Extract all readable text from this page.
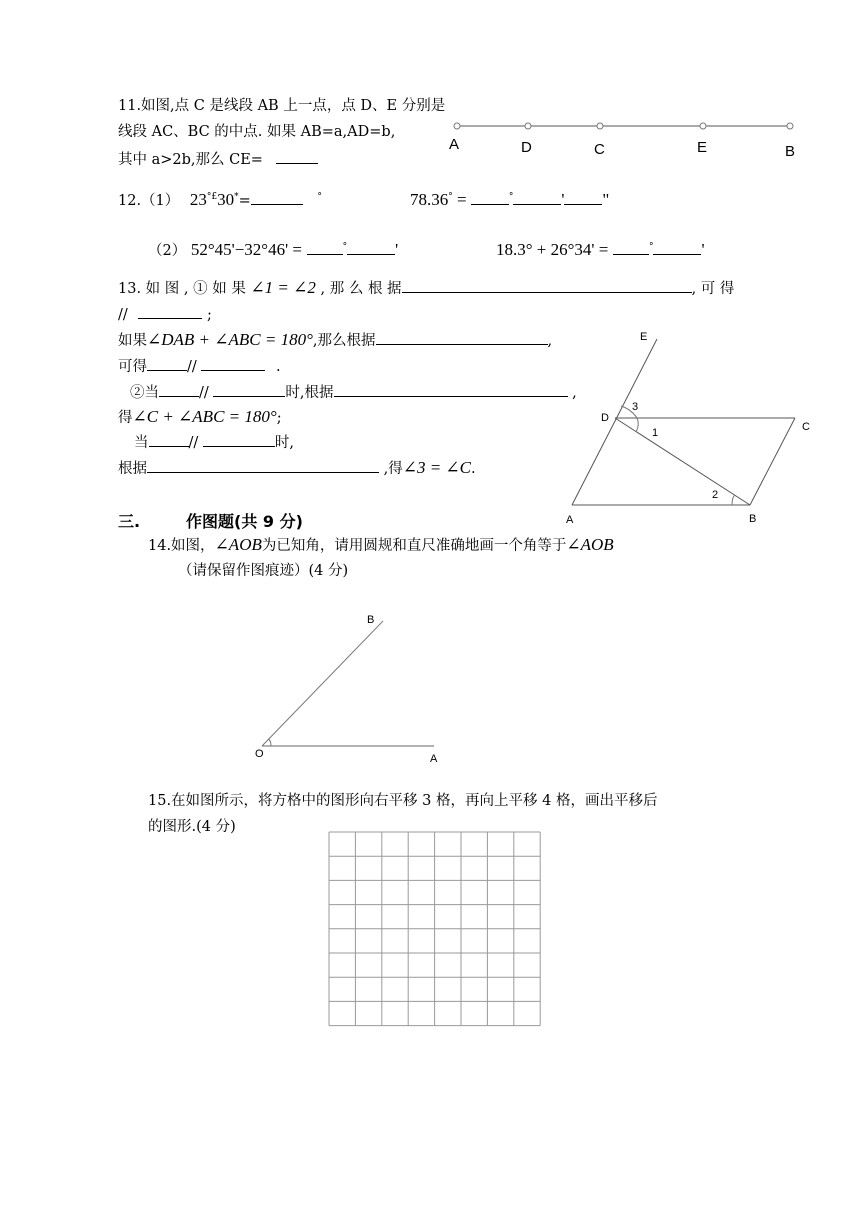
11.如图,点 C 是线段 AB 上一点，点 D、E 分别是
线段 AC、BC 的中点. 如果 AB=a,AD=b,
其中 a>2b,那么 CE=
A	D	C	E	B
12.（1） 23°£30*=	°	78.36° =	°	' "
（2） 52°45'−32°46' =	°	'	18.3° + 26°34' =	°	'
13. 如 图 , ① 如 果 ∠1 = ∠2 , 那 么 根 据	, 可 得
//	;
如果∠DAB + ∠ABC = 180°,那么根据	,
可得	//	.
②当	//	时,根据	,
得∠C + ∠ABC = 180°;
当	//	时,
根据	,得∠3 = ∠C.
E
D
C
3
1
2
A	B
三.	作图题(共 9 分)
14.如图，∠AOB为已知角，请用圆规和直尺准确地画一个角等于∠AOB
（请保留作图痕迹）(4 分)
B
O	A
15.在如图所示，将方格中的图形向右平移 3 格，再向上平移 4 格，画出平移后
的图形.(4 分)
